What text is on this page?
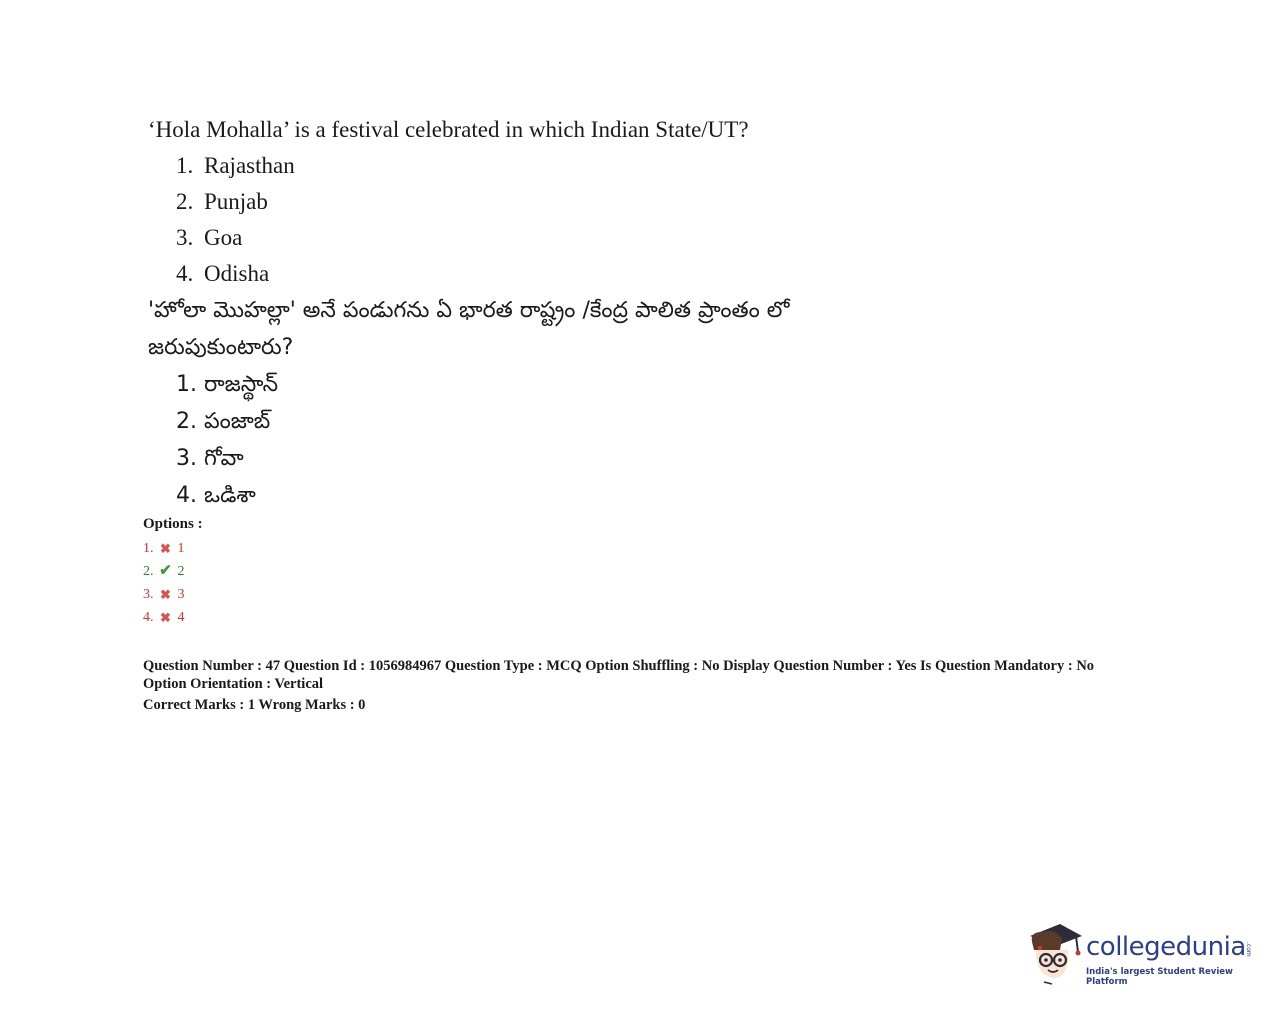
‘Hola Mohalla’ is a festival celebrated in which Indian State/UT?

1. Rajasthan
2. Punjab
3. Goa
4. Odisha
'హోలా మొహల్లా' అనే పండుగను ఏ భారత రాష్ట్రం /కేంద్ర పాలిత ప్రాంతం లో
జరుపుకుంటారు?
1. రాజస్థాన్
2. పంజాబ్
3. గోవా
4. ఒడిశా
Options :
1. ✖ 1
2. ✔ 2
3. ✖ 3
4. ✖ 4

Question Number : 47 Question Id : 1056984967 Question Type : MCQ Option Shuffling : No Display Question Number : Yes Is Question Mandatory : No

Option Orientation : Vertical

Correct Marks : 1 Wrong Marks : 0

collegedunia .com
India's largest Student Review Platform
